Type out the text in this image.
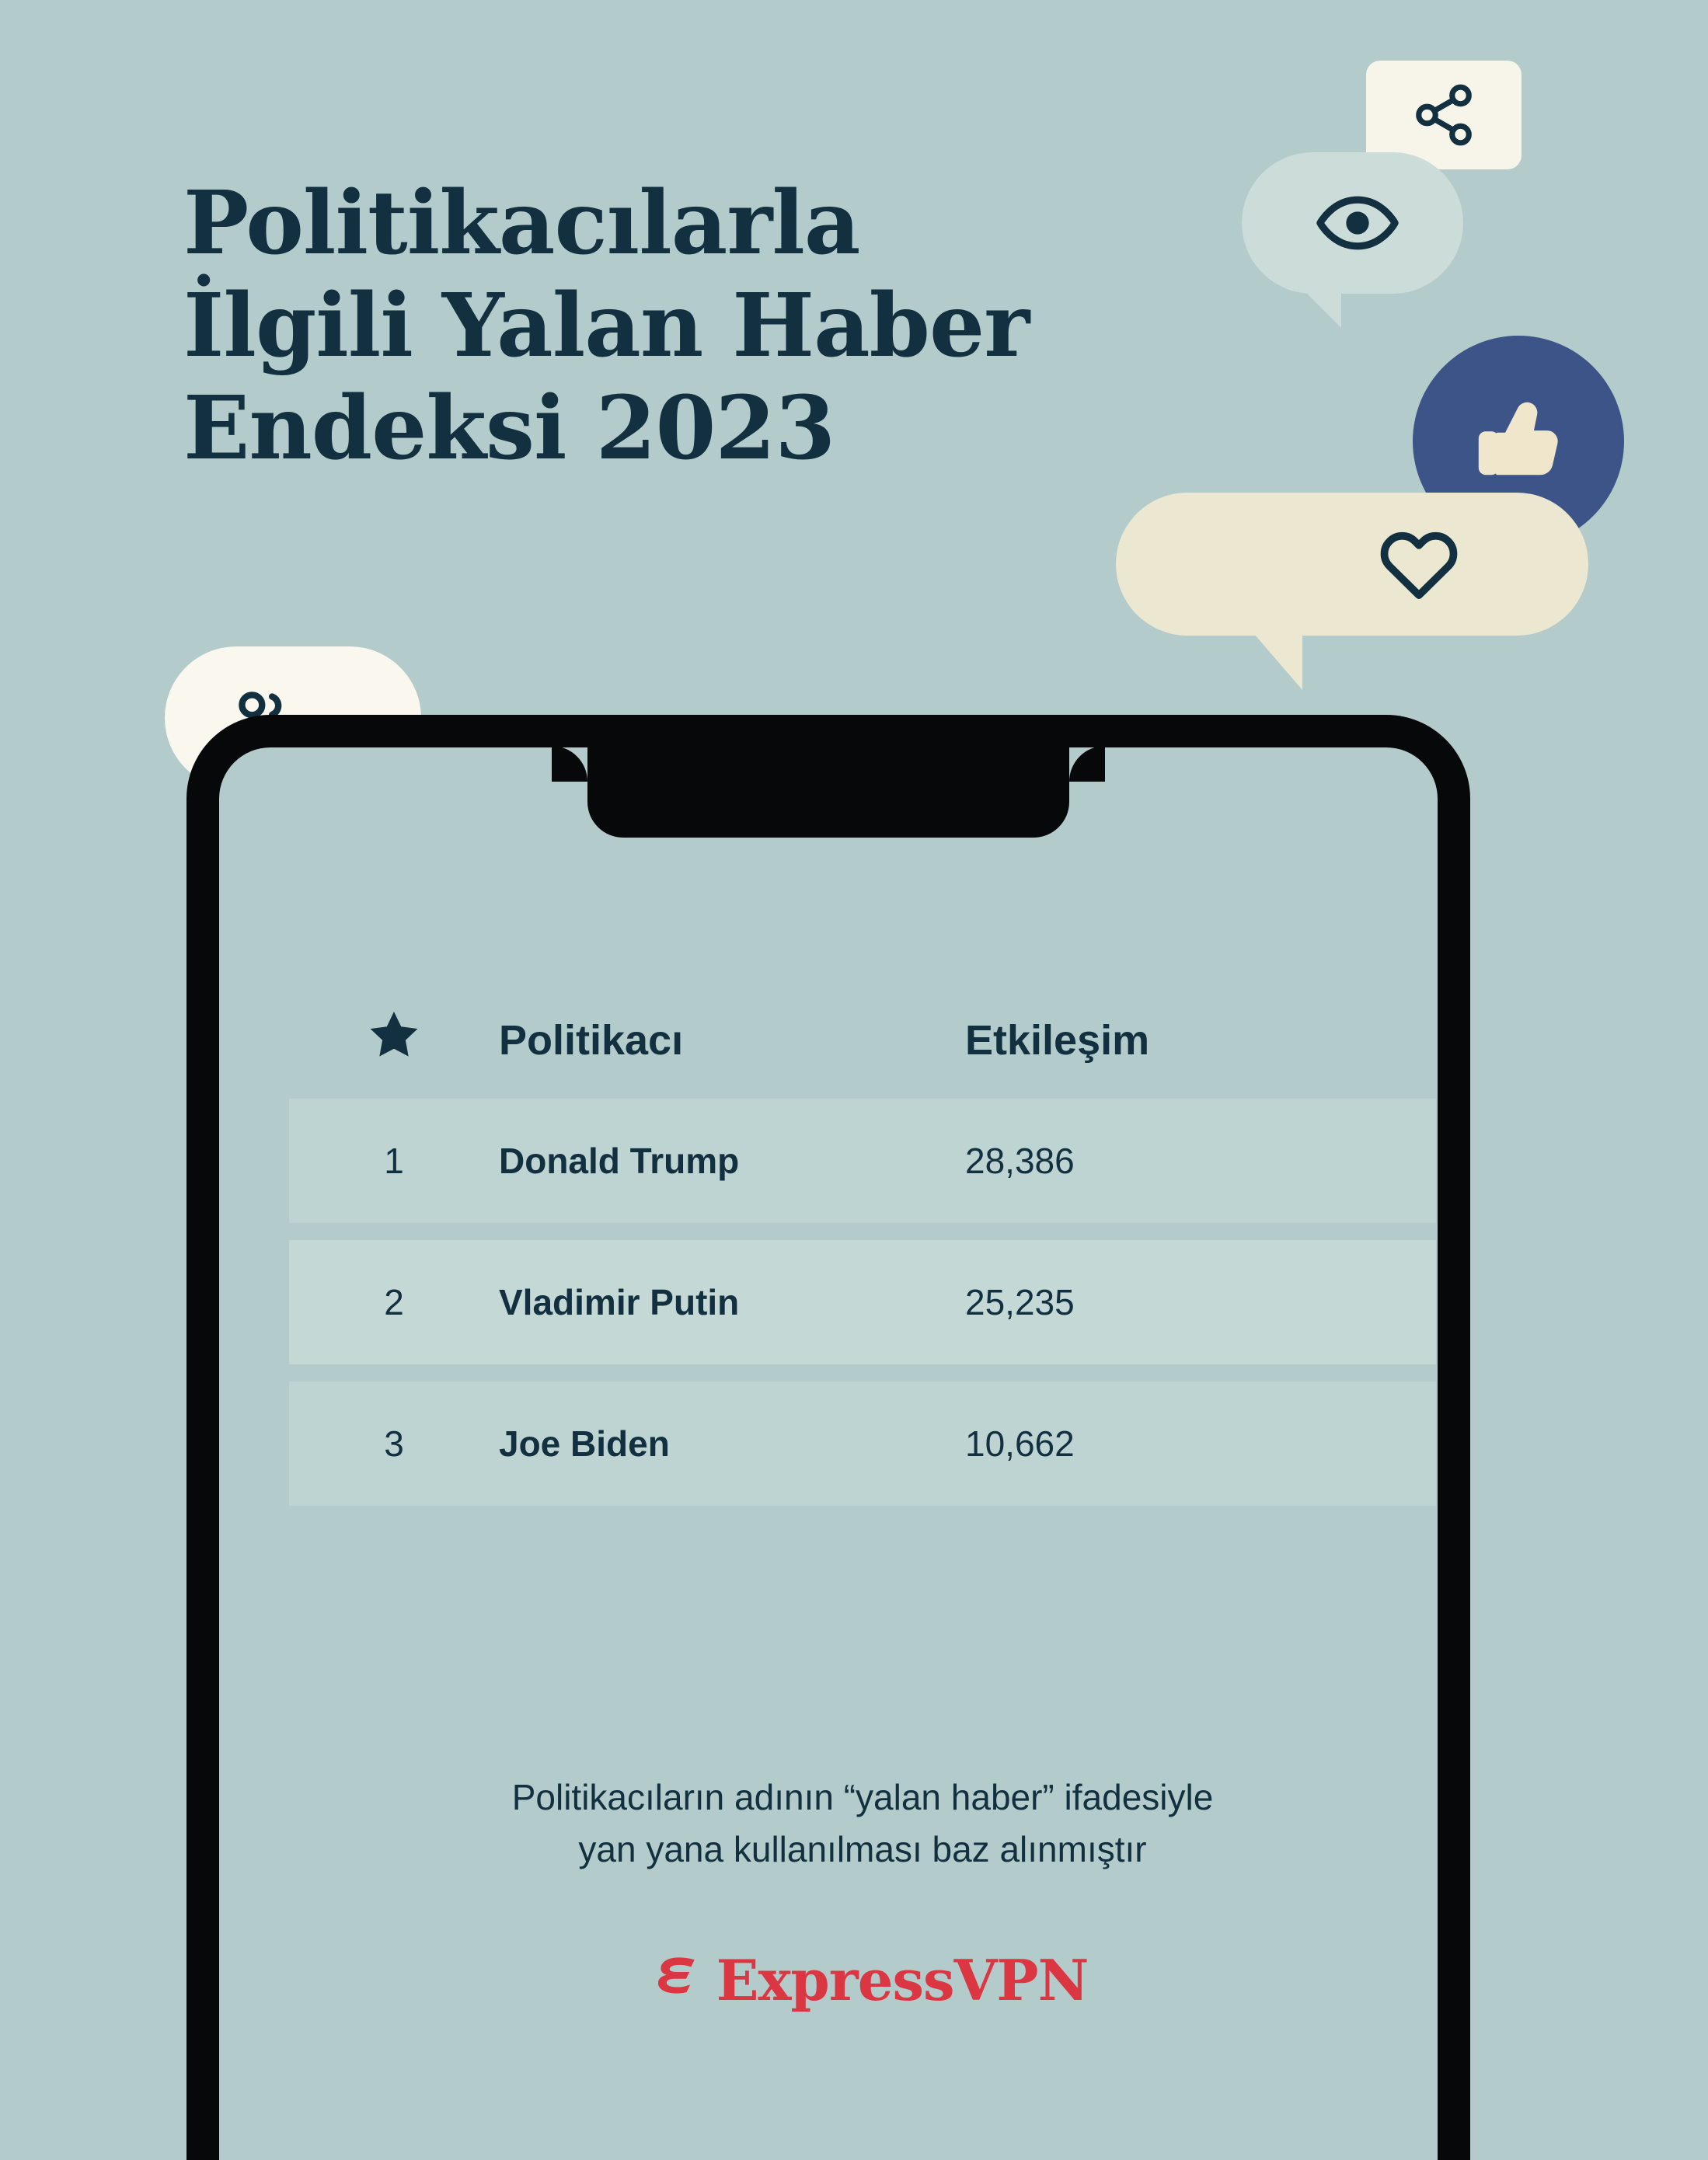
Politikacılarla
İlgili Yalan Haber
Endeksi 2023
Politikacı	Etkileşim
1	Donald Trump	28,386
2	Vladimir Putin	25,235
3	Joe Biden	10,662
Politikacıların adının “yalan haber” ifadesiyle
yan yana kullanılması baz alınmıştır
ExpressVPN
